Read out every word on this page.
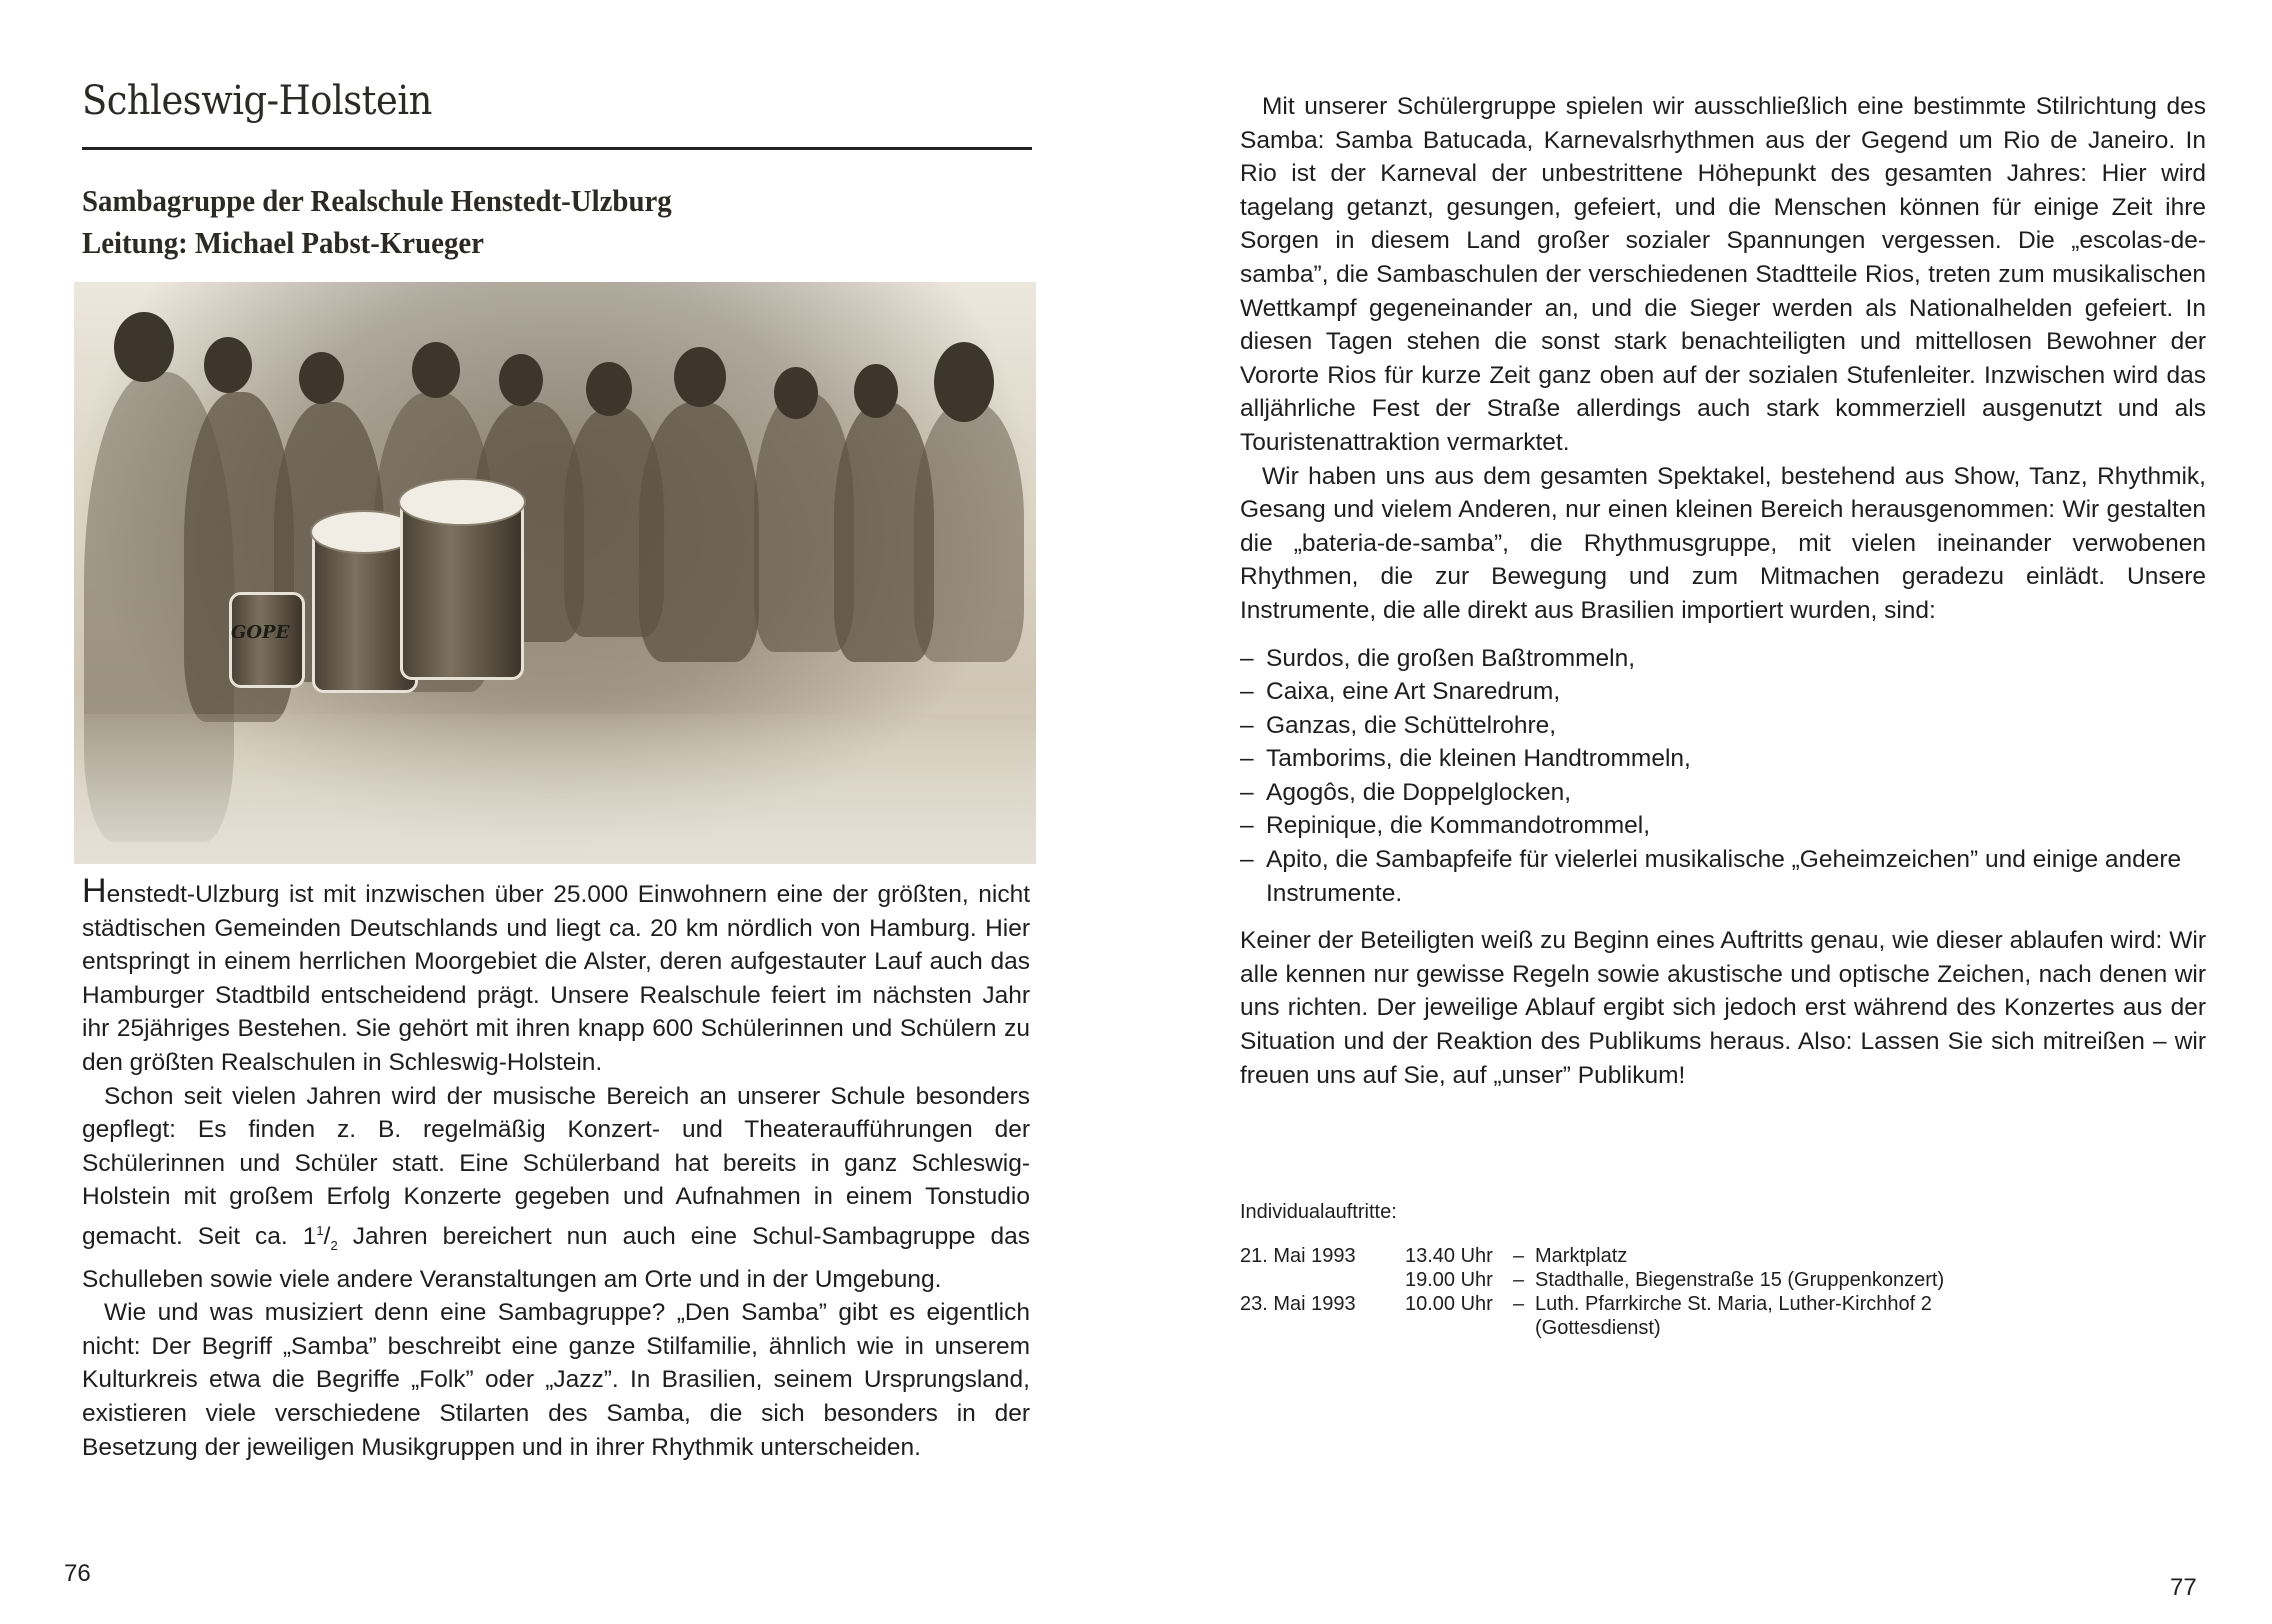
Schleswig-Holstein
Sambagruppe der Realschule Henstedt-Ulzburg
Leitung: Michael Pabst-Krueger
GOPE

Henstedt-Ulzburg ist mit inzwischen über 25.000 Einwohnern eine der größten, nicht städtischen Gemeinden Deutschlands und liegt ca. 20 km nördlich von Hamburg. Hier entspringt in einem herrlichen Moorgebiet die Alster, deren aufgestauter Lauf auch das Hamburger Stadtbild entscheidend prägt. Unsere Realschule feiert im nächsten Jahr ihr 25jähriges Bestehen. Sie gehört mit ihren knapp 600 Schülerinnen und Schülern zu den größten Realschulen in Schleswig-Holstein.

Schon seit vielen Jahren wird der musische Bereich an unserer Schule besonders gepflegt: Es finden z. B. regelmäßig Konzert- und Theateraufführungen der Schülerinnen und Schüler statt. Eine Schülerband hat bereits in ganz Schleswig-Holstein mit großem Erfolg Konzerte gegeben und Aufnahmen in einem Tonstudio gemacht. Seit ca. $1^1/_2$ Jahren bereichert nun auch eine Schul-Sambagruppe das Schulleben sowie viele andere Veranstaltungen am Orte und in der Umgebung.

Wie und was musiziert denn eine Sambagruppe? „Den Samba” gibt es eigentlich nicht: Der Begriff „Samba” beschreibt eine ganze Stilfamilie, ähnlich wie in unserem Kulturkreis etwa die Begriffe „Folk” oder „Jazz”. In Brasilien, seinem Ursprungsland, existieren viele verschiedene Stilarten des Samba, die sich besonders in der Besetzung der jeweiligen Musikgruppen und in ihrer Rhythmik unterscheiden.

76

Mit unserer Schülergruppe spielen wir ausschließlich eine bestimmte Stilrichtung des Samba: Samba Batucada, Karnevalsrhythmen aus der Gegend um Rio de Janeiro. In Rio ist der Karneval der unbestrittene Höhepunkt des gesamten Jahres: Hier wird tagelang getanzt, gesungen, gefeiert, und die Menschen können für einige Zeit ihre Sorgen in diesem Land großer sozialer Spannungen vergessen. Die „escolas-de-samba”, die Sambaschulen der verschiedenen Stadtteile Rios, treten zum musikalischen Wettkampf gegeneinander an, und die Sieger werden als Nationalhelden gefeiert. In diesen Tagen stehen die sonst stark benachteiligten und mittellosen Bewohner der Vororte Rios für kurze Zeit ganz oben auf der sozialen Stufenleiter. Inzwischen wird das alljährliche Fest der Straße allerdings auch stark kommerziell ausgenutzt und als Touristenattraktion vermarktet.

Wir haben uns aus dem gesamten Spektakel, bestehend aus Show, Tanz, Rhythmik, Gesang und vielem Anderen, nur einen kleinen Bereich herausgenommen: Wir gestalten die „bateria-de-samba”, die Rhythmusgruppe, mit vielen ineinander verwobenen Rhythmen, die zur Bewegung und zum Mitmachen geradezu einlädt. Unsere Instrumente, die alle direkt aus Brasilien importiert wurden, sind:

– Surdos, die großen Baßtrommeln,
– Caixa, eine Art Snaredrum,
– Ganzas, die Schüttelrohre,
– Tamborims, die kleinen Handtrommeln,
– Agogôs, die Doppelglocken,
– Repinique, die Kommandotrommel,
– Apito, die Sambapfeife für vielerlei musikalische „Geheimzeichen” und einige andere Instrumente.

Keiner der Beteiligten weiß zu Beginn eines Auftritts genau, wie dieser ablaufen wird: Wir alle kennen nur gewisse Regeln sowie akustische und optische Zeichen, nach denen wir uns richten. Der jeweilige Ablauf ergibt sich jedoch erst während des Konzertes aus der Situation und der Reaktion des Publikums heraus. Also: Lassen Sie sich mitreißen – wir freuen uns auf Sie, auf „unser” Publikum!

Individualauftritte:
21. Mai 1993	13.40 Uhr	–	Marktplatz
	19.00 Uhr	–	Stadthalle, Biegenstraße 15 (Gruppenkonzert)
23. Mai 1993	10.00 Uhr	–	Luth. Pfarrkirche St. Maria, Luther-Kirchhof 2
			(Gottesdienst)
77
